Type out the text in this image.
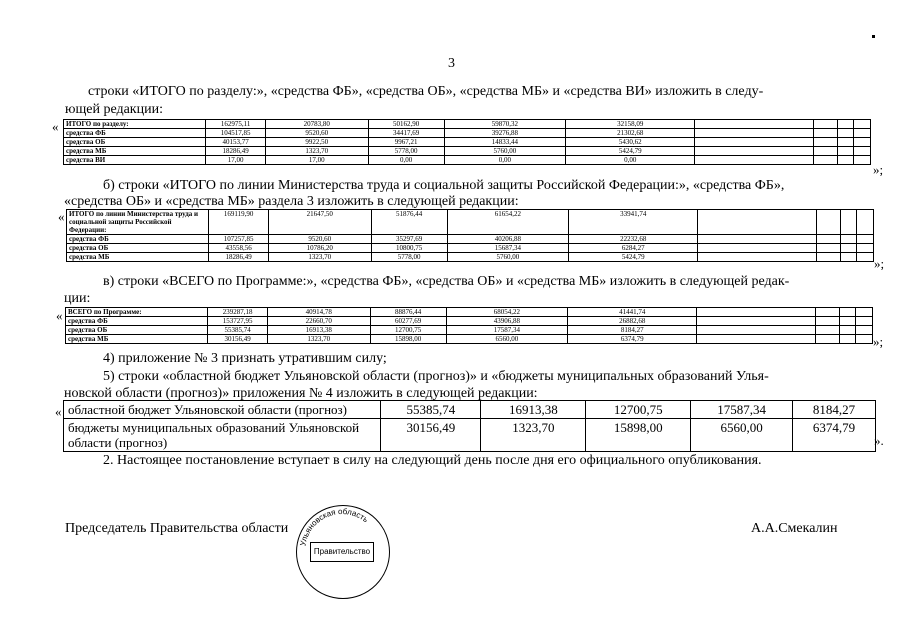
3
строки «ИТОГО по разделу:», «средства ФБ», «средства ОБ», «средства МБ» и «средства ВИ» изложить в следу-
ющей редакции:
« ИТОГО по разделу:	162975,11	20783,80	50162,90	59870,32	32158,09				
средства ФБ	104517,85	9520,60	34417,69	39276,88	21302,68				
средства ОБ	40153,77	9922,50	9967,21	14833,44	5430,62				
средства МБ	18286,49	1323,70	5778,00	5760,00	5424,79				
средства ВИ	17,00	17,00	0,00	0,00	0,00				
»;
б) строки «ИТОГО по линии Министерства труда и социальной защиты Российской Федерации:», «средства ФБ»,
«средства ОБ» и «средства МБ» раздела 3 изложить в следующей редакции:
« ИТОГО по линии Министерства труда и социальной защиты Российской Федерации:	169119,90	21647,50	51876,44	61654,22	33941,74				
средства ФБ	107257,85	9520,60	35297,69	40206,88	22232,68				
средства ОБ	43558,56	10786,20	10800,75	15687,34	6284,27				
средства МБ	18286,49	1323,70	5778,00	5760,00	5424,79					»;
в) строки «ВСЕГО по Программе:», «средства ФБ», «средства ОБ» и «средства МБ» изложить в следующей редак-
ции:
« ВСЕГО по Программе:	239287,18	40914,78	88876,44	68054,22	41441,74				
средства ФБ	153727,95	22660,70	60277,69	43906,88	26882,68				
средства ОБ	55385,74	16913,38	12700,75	17587,34	8184,27				
средства МБ	30156,49	1323,70	15898,00	6560,00	6374,79					»;
4) приложение № 3 признать утратившим силу;
5) строки «областной бюджет Ульяновской области (прогноз)» и «бюджеты муниципальных образований Улья-
новской области (прогноз)» приложения № 4 изложить в следующей редакции:
« областной бюджет Ульяновской области (прогноз)	55385,74	16913,38	12700,75	17587,34	8184,27
бюджеты муниципальных образований Ульяновской области (прогноз)	30156,49	1323,70	15898,00	6560,00	6374,79
».
2. Настоящее постановление вступает в силу на следующий день после дня его официального опубликования.
Председатель Правительства области	А.А.Смекалин
Ульяновская область
Правительство
